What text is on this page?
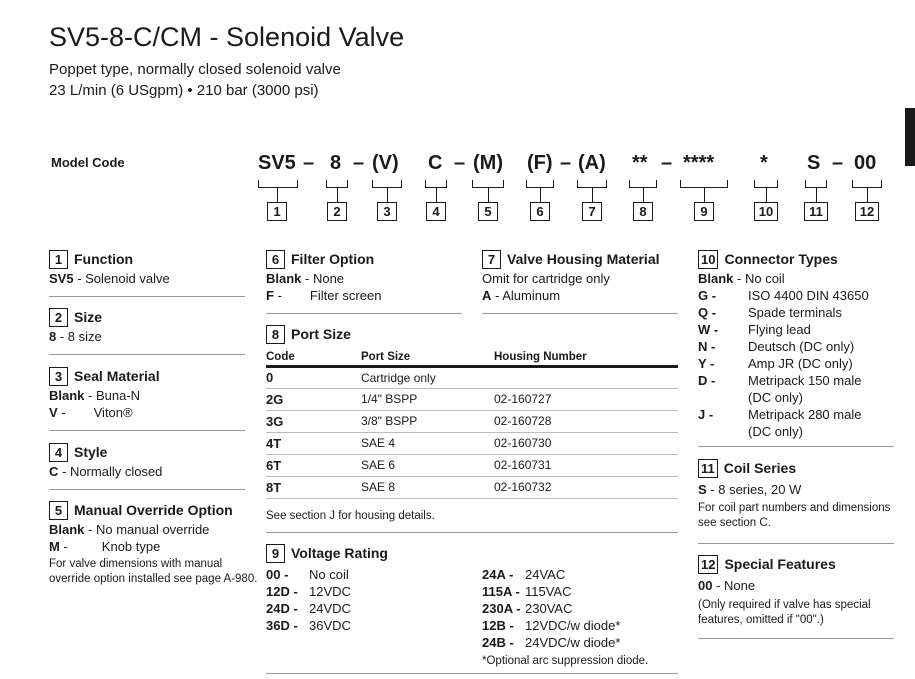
SV5-8-C/CM - Solenoid Valve
Poppet type, normally closed solenoid valve
23 L/min (6 USgpm) • 210 bar (3000 psi)
Model Code	SV5 – 8 – (V) C – (M) (F) – (A) ** – **** * S – 00
1	2	3	4	5	6	7	8	9	10	11	12
1 Function
SV5 - Solenoid valve
2 Size
8 - 8 size
3 Seal Material
Blank - Buna-N
V - Viton®
4 Style
C - Normally closed
5 Manual Override Option
Blank - No manual override
M -	Knob type
For valve dimensions with manual
override option installed see page A-980.
6 Filter Option
Blank - None
F - Filter screen
7 Valve Housing Material
Omit for cartridge only
A - Aluminum
8 Port Size
Code	Port Size	Housing Number
0	Cartridge only	
2G	1/4" BSPP	02-160727
3G	3/8" BSPP	02-160728
4T	SAE 4	02-160730
6T	SAE 6	02-160731
8T	SAE 8	02-160732
See section J for housing details.
9 Voltage Rating
00 -	No coil
12D - 12VDC
24D - 24VDC
36D - 36VDC
24A - 24VAC
115A - 115VAC
230A - 230VAC
12B - 12VDC/w diode*
24B - 24VDC/w diode*
*Optional arc suppression diode.
10 Connector Types
Blank - No coil
G -	ISO 4400 DIN 43650
Q -	Spade terminals
W -	Flying lead
N -	Deutsch (DC only)
Y -	Amp JR (DC only)
D -	Metripack 150 male
(DC only)
J -	Metripack 280 male
(DC only)
11 Coil Series
S - 8 series, 20 W
For coil part numbers and dimensions
see section C.
12 Special Features
00 - None
(Only required if valve has special
features, omitted if "00".)
